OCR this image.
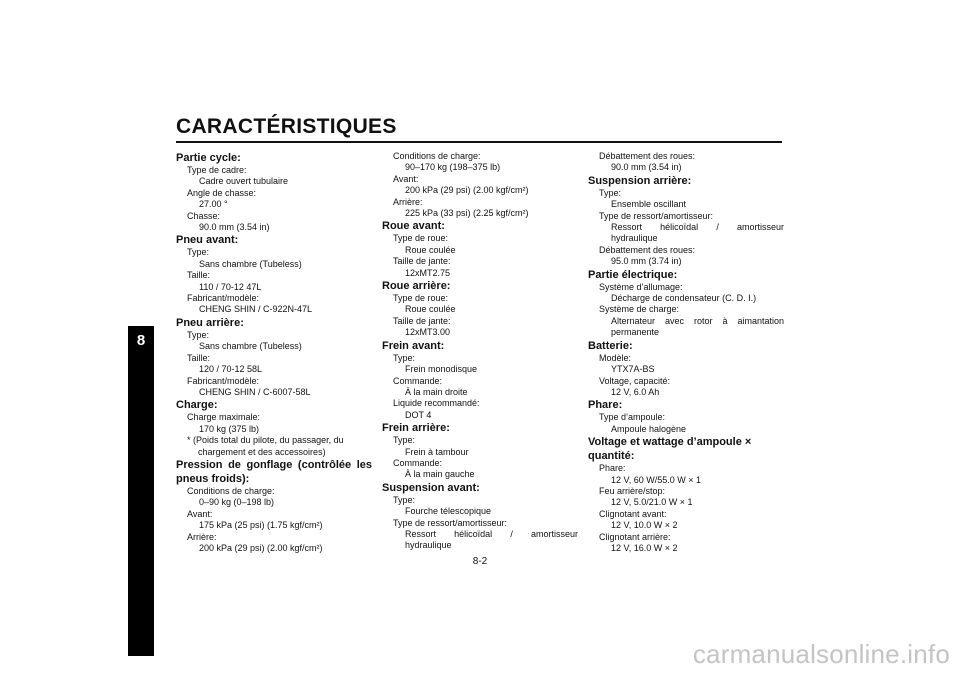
CARACTÉRISTIQUES
8
Partie cycle:
Type de cadre:
Cadre ouvert tubulaire
Angle de chasse:
27.00 °
Chasse:
90.0 mm (3.54 in)
Pneu avant:
Type:
Sans chambre (Tubeless)
Taille:
110 / 70-12 47L
Fabricant/modèle:
CHENG SHIN / C-922N-47L
Pneu arrière:
Type:
Sans chambre (Tubeless)
Taille:
120 / 70-12 58L
Fabricant/modèle:
CHENG SHIN / C-6007-58L
Charge:
Charge maximale:
170 kg (375 lb)
* (Poids total du pilote, du passager, du chargement et des accessoires)
Pression de gonflage (contrôlée les
pneus froids):
Conditions de charge:
0–90 kg (0–198 lb)
Avant:
175 kPa (25 psi) (1.75 kgf/cm²)
Arrière:
200 kPa (29 psi) (2.00 kgf/cm²)
Conditions de charge:
90–170 kg (198–375 lb)
Avant:
200 kPa (29 psi) (2.00 kgf/cm²)
Arrière:
225 kPa (33 psi) (2.25 kgf/cm²)
Roue avant:
Type de roue:
Roue coulée
Taille de jante:
12xMT2.75
Roue arrière:
Type de roue:
Roue coulée
Taille de jante:
12xMT3.00
Frein avant:
Type:
Frein monodisque
Commande:
À la main droite
Liquide recommandé:
DOT 4
Frein arrière:
Type:
Frein à tambour
Commande:
À la main gauche
Suspension avant:
Type:
Fourche télescopique
Type de ressort/amortisseur:
Ressort hélicoïdal / amortisseur hydraulique
Débattement des roues:
90.0 mm (3.54 in)
Suspension arrière:
Type:
Ensemble oscillant
Type de ressort/amortisseur:
Ressort hélicoïdal / amortisseur hydraulique
Débattement des roues:
95.0 mm (3.74 in)
Partie électrique:
Système d’allumage:
Décharge de condensateur (C. D. I.)
Système de charge:
Alternateur avec rotor à aimantation permanente
Batterie:
Modèle:
YTX7A-BS
Voltage, capacité:
12 V, 6.0 Ah
Phare:
Type d’ampoule:
Ampoule halogène
Voltage et wattage d’ampoule × quantité:
Phare:
12 V, 60 W/55.0 W × 1
Feu arrière/stop:
12 V, 5.0/21.0 W × 1
Clignotant avant:
12 V, 10.0 W × 2
Clignotant arrière:
12 V, 16.0 W × 2
8-2
carmanualsonline.info
